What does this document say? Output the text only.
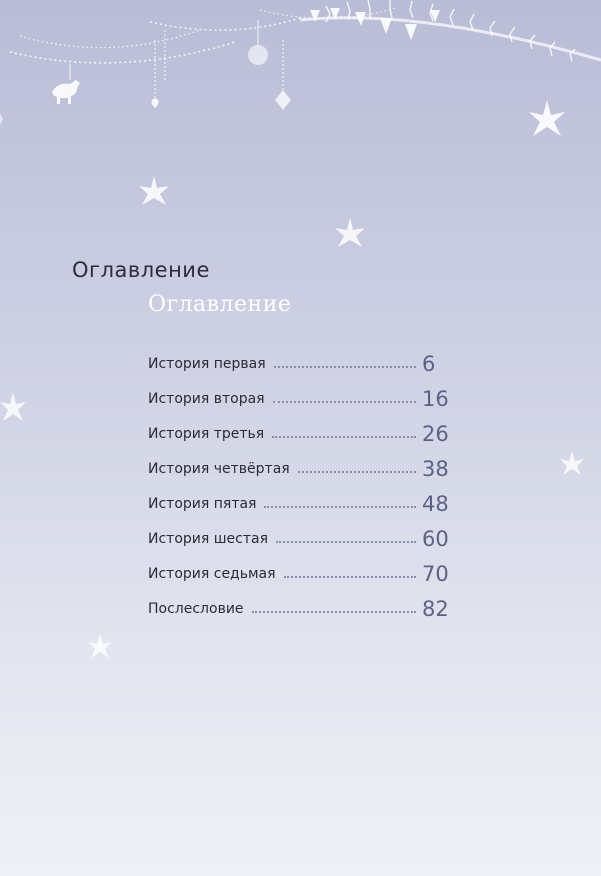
Оглавление
Оглавление
История первая	6
История вторая	16
История третья	26
История четвёртая	38
История пятая	48
История шестая	60
История седьмая	70
Послесловие	82
